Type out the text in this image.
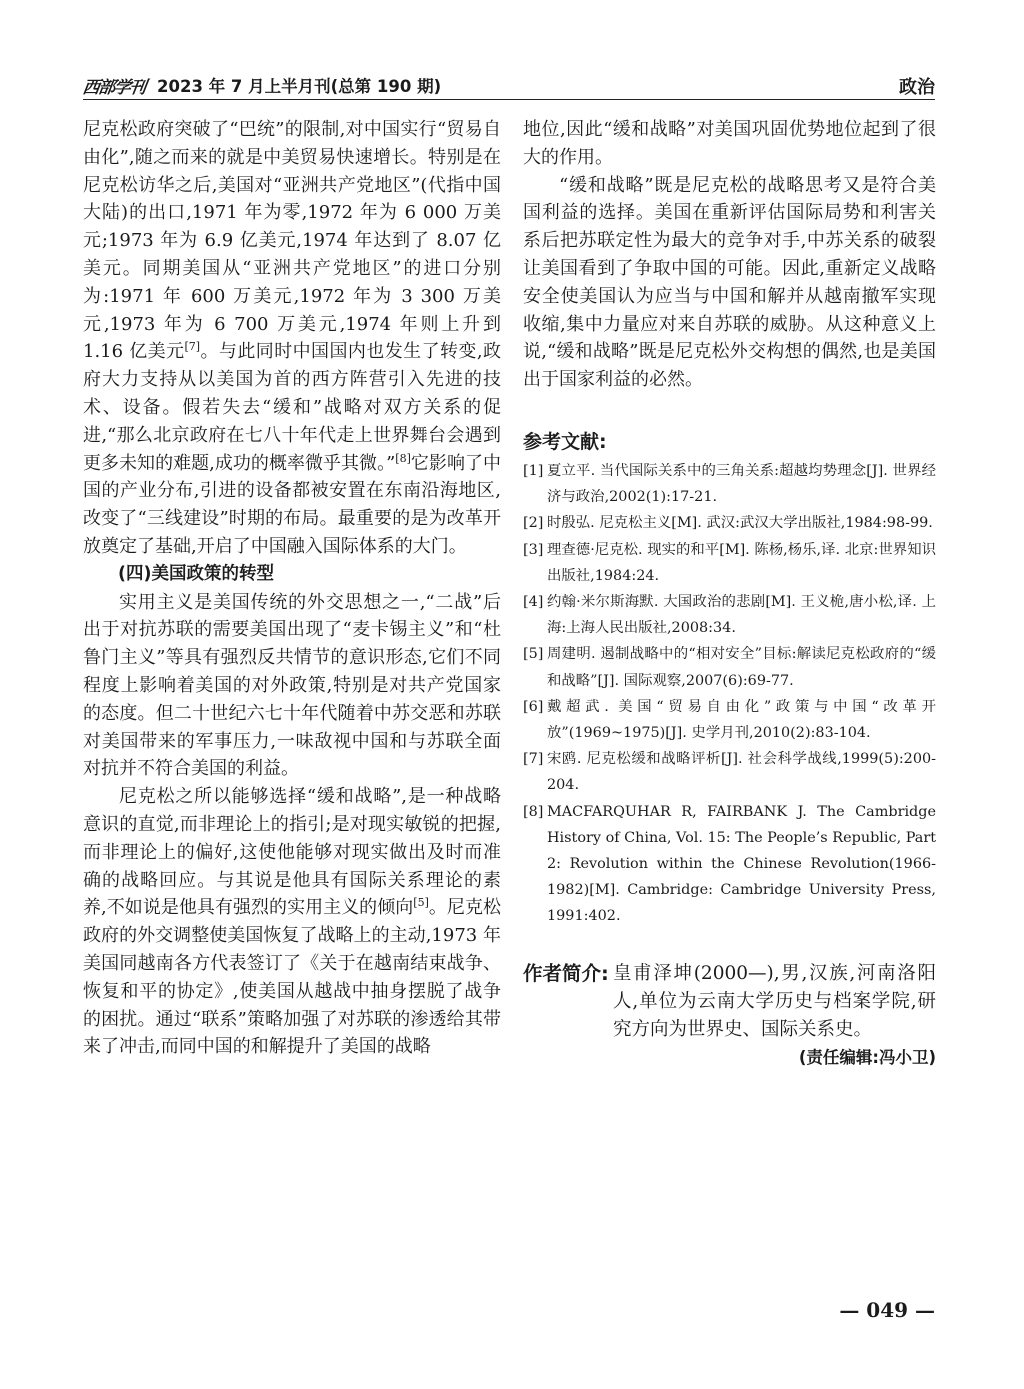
西部学刊 2023 年 7 月上半月刊(总第 190 期)	政治

尼克松政府突破了“巴统”的限制,对中国实行“贸易自由化”,随之而来的就是中美贸易快速增长。特别是在尼克松访华之后,美国对“亚洲共产党地区”(代指中国大陆)的出口,1971 年为零,1972 年为 6 000 万美元;1973 年为 6.9 亿美元,1974 年达到了 8.07 亿美元。同期美国从“亚洲共产党地区”的进口分别为:1971 年 600 万美元,1972 年为 3 300 万美元,1973 年为 6 700 万美元,1974 年则上升到 1.16 亿美元[7]。与此同时中国国内也发生了转变,政府大力支持从以美国为首的西方阵营引入先进的技术、设备。假若失去“缓和”战略对双方关系的促进,“那么北京政府在七八十年代走上世界舞台会遇到更多未知的难题,成功的概率微乎其微。”[8]它影响了中国的产业分布,引进的设备都被安置在东南沿海地区,改变了“三线建设”时期的布局。最重要的是为改革开放奠定了基础,开启了中国融入国际体系的大门。

(四)美国政策的转型

实用主义是美国传统的外交思想之一,“二战”后出于对抗苏联的需要美国出现了“麦卡锡主义”和“杜鲁门主义”等具有强烈反共情节的意识形态,它们不同程度上影响着美国的对外政策,特别是对共产党国家的态度。但二十世纪六七十年代随着中苏交恶和苏联对美国带来的军事压力,一味敌视中国和与苏联全面对抗并不符合美国的利益。

尼克松之所以能够选择“缓和战略”,是一种战略意识的直觉,而非理论上的指引;是对现实敏锐的把握,而非理论上的偏好,这使他能够对现实做出及时而准确的战略回应。与其说是他具有国际关系理论的素养,不如说是他具有强烈的实用主义的倾向[5]。尼克松政府的外交调整使美国恢复了战略上的主动,1973 年美国同越南各方代表签订了《关于在越南结束战争、恢复和平的协定》,使美国从越战中抽身摆脱了战争的困扰。通过“联系”策略加强了对苏联的渗透给其带来了冲击,而同中国的和解提升了美国的战略

地位,因此“缓和战略”对美国巩固优势地位起到了很大的作用。

“缓和战略”既是尼克松的战略思考又是符合美国利益的选择。美国在重新评估国际局势和利害关系后把苏联定性为最大的竞争对手,中苏关系的破裂让美国看到了争取中国的可能。因此,重新定义战略安全使美国认为应当与中国和解并从越南撤军实现收缩,集中力量应对来自苏联的威胁。从这种意义上说,“缓和战略”既是尼克松外交构想的偶然,也是美国出于国家利益的必然。

参考文献:
[1] 夏立平. 当代国际关系中的三角关系:超越均势理念[J]. 世界经济与政治,2002(1):17-21.
[2] 时殷弘. 尼克松主义[M]. 武汉:武汉大学出版社,1984:98-99.
[3] 理查德·尼克松. 现实的和平[M]. 陈杨,杨乐,译. 北京:世界知识出版社,1984:24.
[4] 约翰·米尔斯海默. 大国政治的悲剧[M]. 王义桅,唐小松,译. 上海:上海人民出版社,2008:34.
[5] 周建明. 遏制战略中的“相对安全”目标:解读尼克松政府的“缓和战略”[J]. 国际观察,2007(6):69-77.
[6] 戴超武. 美国“贸易自由化”政策与中国“改革开放”(1969~1975)[J]. 史学月刊,2010(2):83-104.
[7] 宋鸥. 尼克松缓和战略评析[J]. 社会科学战线,1999(5):200-204.
[8] MACFARQUHAR R, FAIRBANK J. The Cambridge History of China, Vol. 15: The People’s Republic, Part 2: Revolution within the Chinese Revolution(1966-1982)[M]. Cambridge: Cambridge University Press, 1991:402.
作者简介: 皇甫泽坤(2000—),男,汉族,河南洛阳人,单位为云南大学历史与档案学院,研究方向为世界史、国际关系史。
(责任编辑:冯小卫)
— 049 —
